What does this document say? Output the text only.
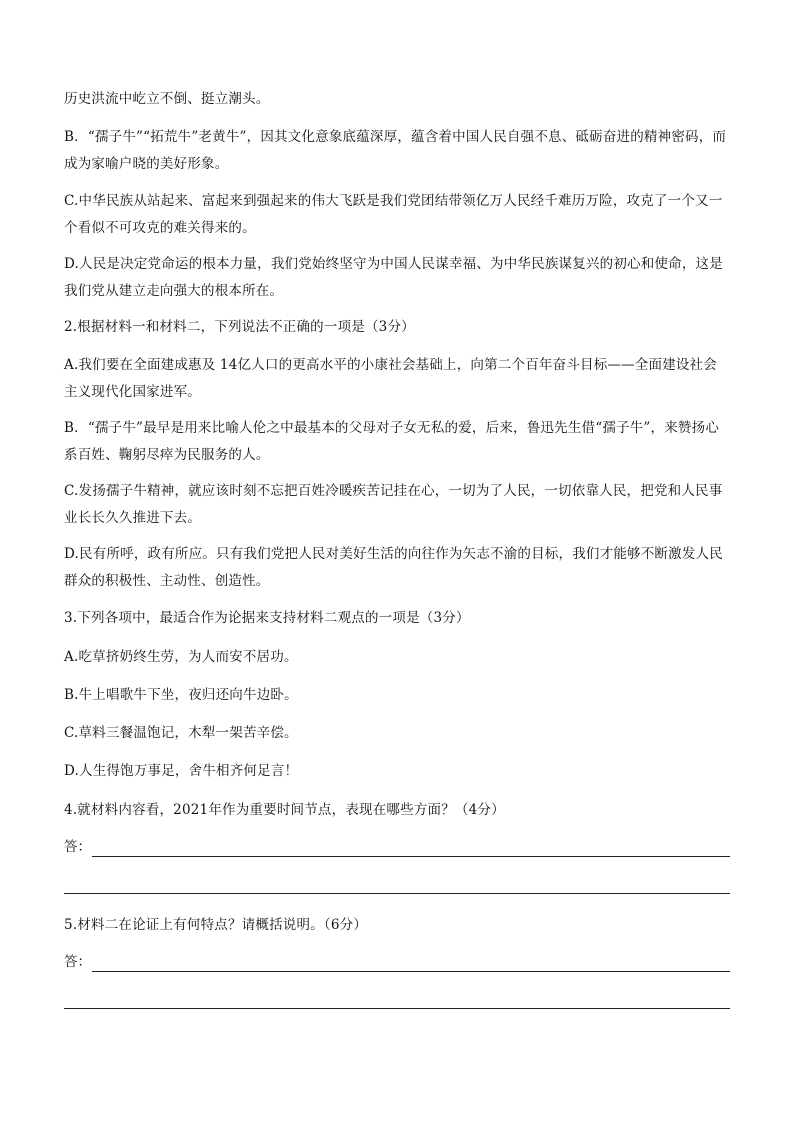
历史洪流中屹立不倒、挺立潮头。

B．“孺子牛”“拓荒牛”老黄牛”，因其文化意象底蕴深厚，蕴含着中国人民自强不息、砥砺奋进的精神密码，而成为家喻户晓的美好形象。

C.中华民族从站起来、富起来到强起来的伟大飞跃是我们党团结带领亿万人民经千难历万险，攻克了一个又一个看似不可攻克的难关得来的。

D.人民是决定党命运的根本力量，我们党始终坚守为中国人民谋幸福、为中华民族谋复兴的初心和使命，这是我们党从建立走向强大的根本所在。

2.根据材料一和材料二，下列说法不正确的一项是（3分）

A.我们要在全面建成惠及 14亿人口的更高水平的小康社会基础上，向第二个百年奋斗目标——全面建设社会主义现代化国家进军。

B．“孺子牛”最早是用来比喻人伦之中最基本的父母对子女无私的爱，后来，鲁迅先生借“孺子牛”，来赞扬心系百姓、鞠躬尽瘁为民服务的人。

C.发扬孺子牛精神，就应该时刻不忘把百姓冷暖疾苦记挂在心，一切为了人民，一切依靠人民，把党和人民事业长长久久推进下去。

D.民有所呼，政有所应。只有我们党把人民对美好生活的向往作为矢志不渝的目标，我们才能够不断激发人民群众的积极性、主动性、创造性。

3.下列各项中，最适合作为论据来支持材料二观点的一项是（3分）

A.吃草挤奶终生劳，为人而安不居功。

B.牛上唱歌牛下坐，夜归还向牛边卧。

C.草料三餐温饱记，木犁一架苦辛偿。

D.人生得饱万事足，舍牛相齐何足言！

4.就材料内容看，2021年作为重要时间节点，表现在哪些方面？（4分）

答：

5.材料二在论证上有何特点？请概括说明。（6分）

答：
